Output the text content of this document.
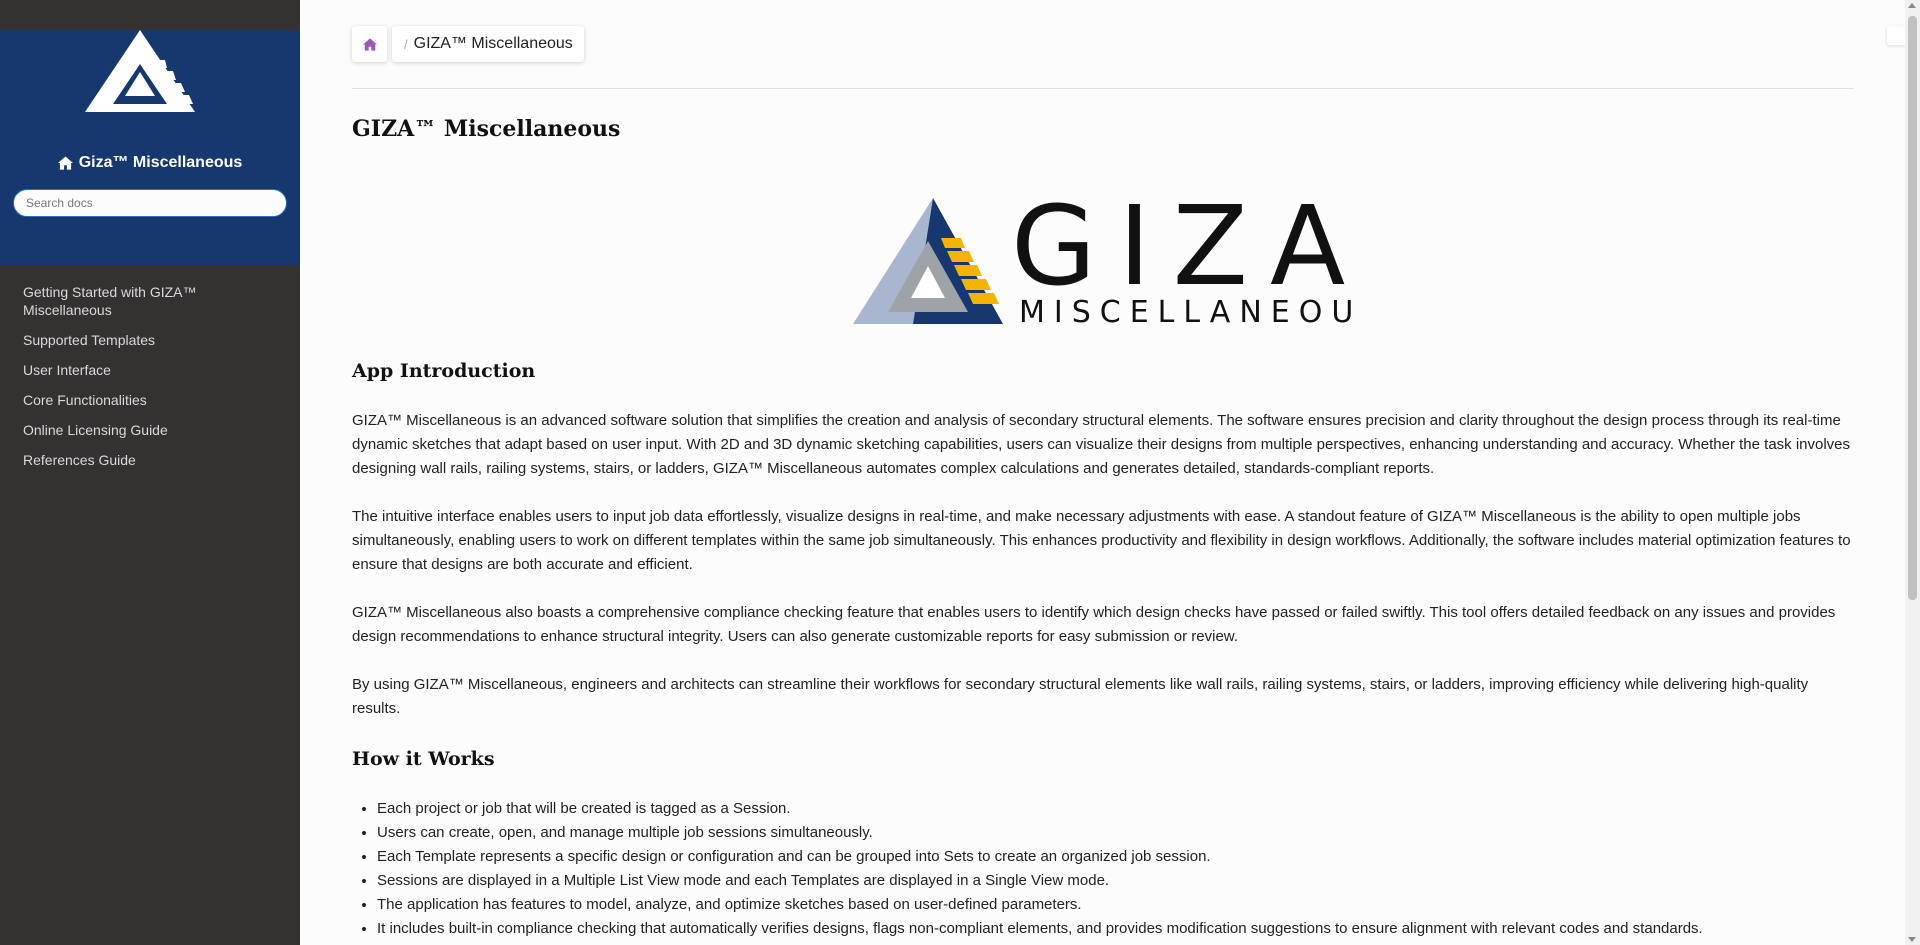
Giza™ Miscellaneous
Search docs
Getting Started with GIZA™ Miscellaneous
Supported Templates
User Interface
Core Functionalities
Online Licensing Guide
References Guide
/ GIZA™ Miscellaneous
GIZA™ Miscellaneous
GIZA
MISCELLANEOU
App Introduction

GIZA™ Miscellaneous is an advanced software solution that simplifies the creation and analysis of secondary structural elements. The software ensures precision and clarity throughout the design process through its real-time dynamic sketches that adapt based on user input. With 2D and 3D dynamic sketching capabilities, users can visualize their designs from multiple perspectives, enhancing understanding and accuracy. Whether the task involves designing wall rails, railing systems, stairs, or ladders, GIZA™ Miscellaneous automates complex calculations and generates detailed, standards-compliant reports.

The intuitive interface enables users to input job data effortlessly, visualize designs in real-time, and make necessary adjustments with ease. A standout feature of GIZA™ Miscellaneous is the ability to open multiple jobs simultaneously, enabling users to work on different templates within the same job simultaneously. This enhances productivity and flexibility in design workflows. Additionally, the software includes material optimization features to ensure that designs are both accurate and efficient.

GIZA™ Miscellaneous also boasts a comprehensive compliance checking feature that enables users to identify which design checks have passed or failed swiftly. This tool offers detailed feedback on any issues and provides design recommendations to enhance structural integrity. Users can also generate customizable reports for easy submission or review.

By using GIZA™ Miscellaneous, engineers and architects can streamline their workflows for secondary structural elements like wall rails, railing systems, stairs, or ladders, improving efficiency while delivering high-quality results.

How it Works
• Each project or job that will be created is tagged as a Session.
• Users can create, open, and manage multiple job sessions simultaneously.
• Each Template represents a specific design or configuration and can be grouped into Sets to create an organized job session.
• Sessions are displayed in a Multiple List View mode and each Templates are displayed in a Single View mode.
• The application has features to model, analyze, and optimize sketches based on user-defined parameters.
• It includes built-in compliance checking that automatically verifies designs, flags non-compliant elements, and provides modification suggestions to ensure alignment with relevant codes and standards.
